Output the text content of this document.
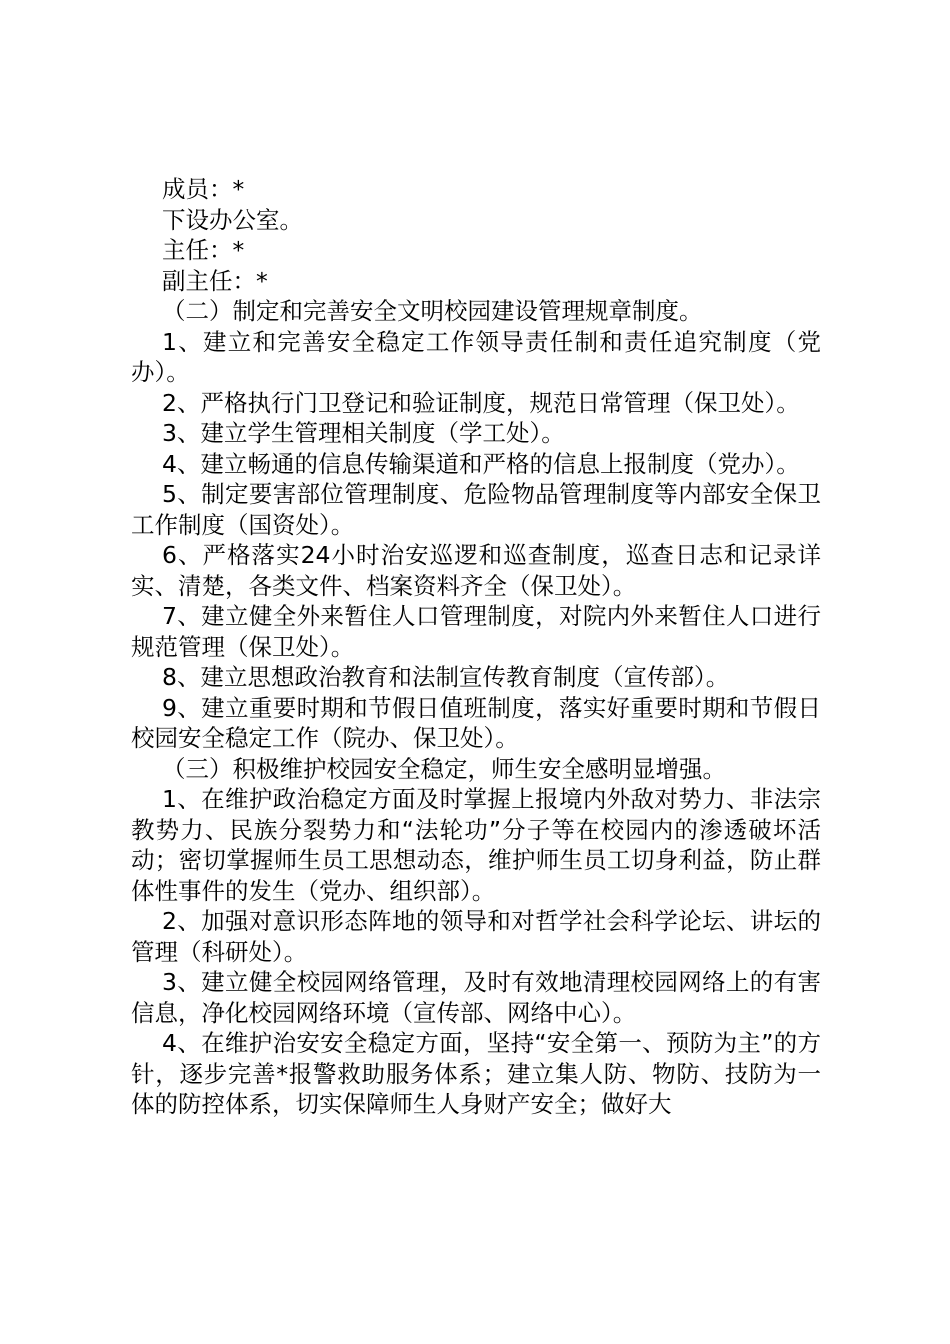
成员：*

下设办公室。

主任：*

副主任：*

（二）制定和完善安全文明校园建设管理规章制度。

1、建立和完善安全稳定工作领导责任制和责任追究制度（党办）。

2、严格执行门卫登记和验证制度，规范日常管理（保卫处）。

3、建立学生管理相关制度（学工处）。

4、建立畅通的信息传输渠道和严格的信息上报制度（党办）。

5、制定要害部位管理制度、危险物品管理制度等内部安全保卫工作制度（国资处）。

6、严格落实24小时治安巡逻和巡查制度，巡查日志和记录详实、清楚，各类文件、档案资料齐全（保卫处）。

7、建立健全外来暂住人口管理制度，对院内外来暂住人口进行规范管理（保卫处）。

8、建立思想政治教育和法制宣传教育制度（宣传部）。

9、建立重要时期和节假日值班制度，落实好重要时期和节假日校园安全稳定工作（院办、保卫处）。

（三）积极维护校园安全稳定，师生安全感明显增强。

1、在维护政治稳定方面及时掌握上报境内外敌对势力、非法宗教势力、民族分裂势力和“法轮功”分子等在校园内的渗透破坏活动；密切掌握师生员工思想动态，维护师生员工切身利益，防止群体性事件的发生（党办、组织部）。

2、加强对意识形态阵地的领导和对哲学社会科学论坛、讲坛的管理（科研处）。

3、建立健全校园网络管理，及时有效地清理校园网络上的有害信息，净化校园网络环境（宣传部、网络中心）。

4、在维护治安安全稳定方面，坚持“安全第一、预防为主”的方针，逐步完善*报警救助服务体系；建立集人防、物防、技防为一体的防控体系，切实保障师生人身财产安全；做好大
